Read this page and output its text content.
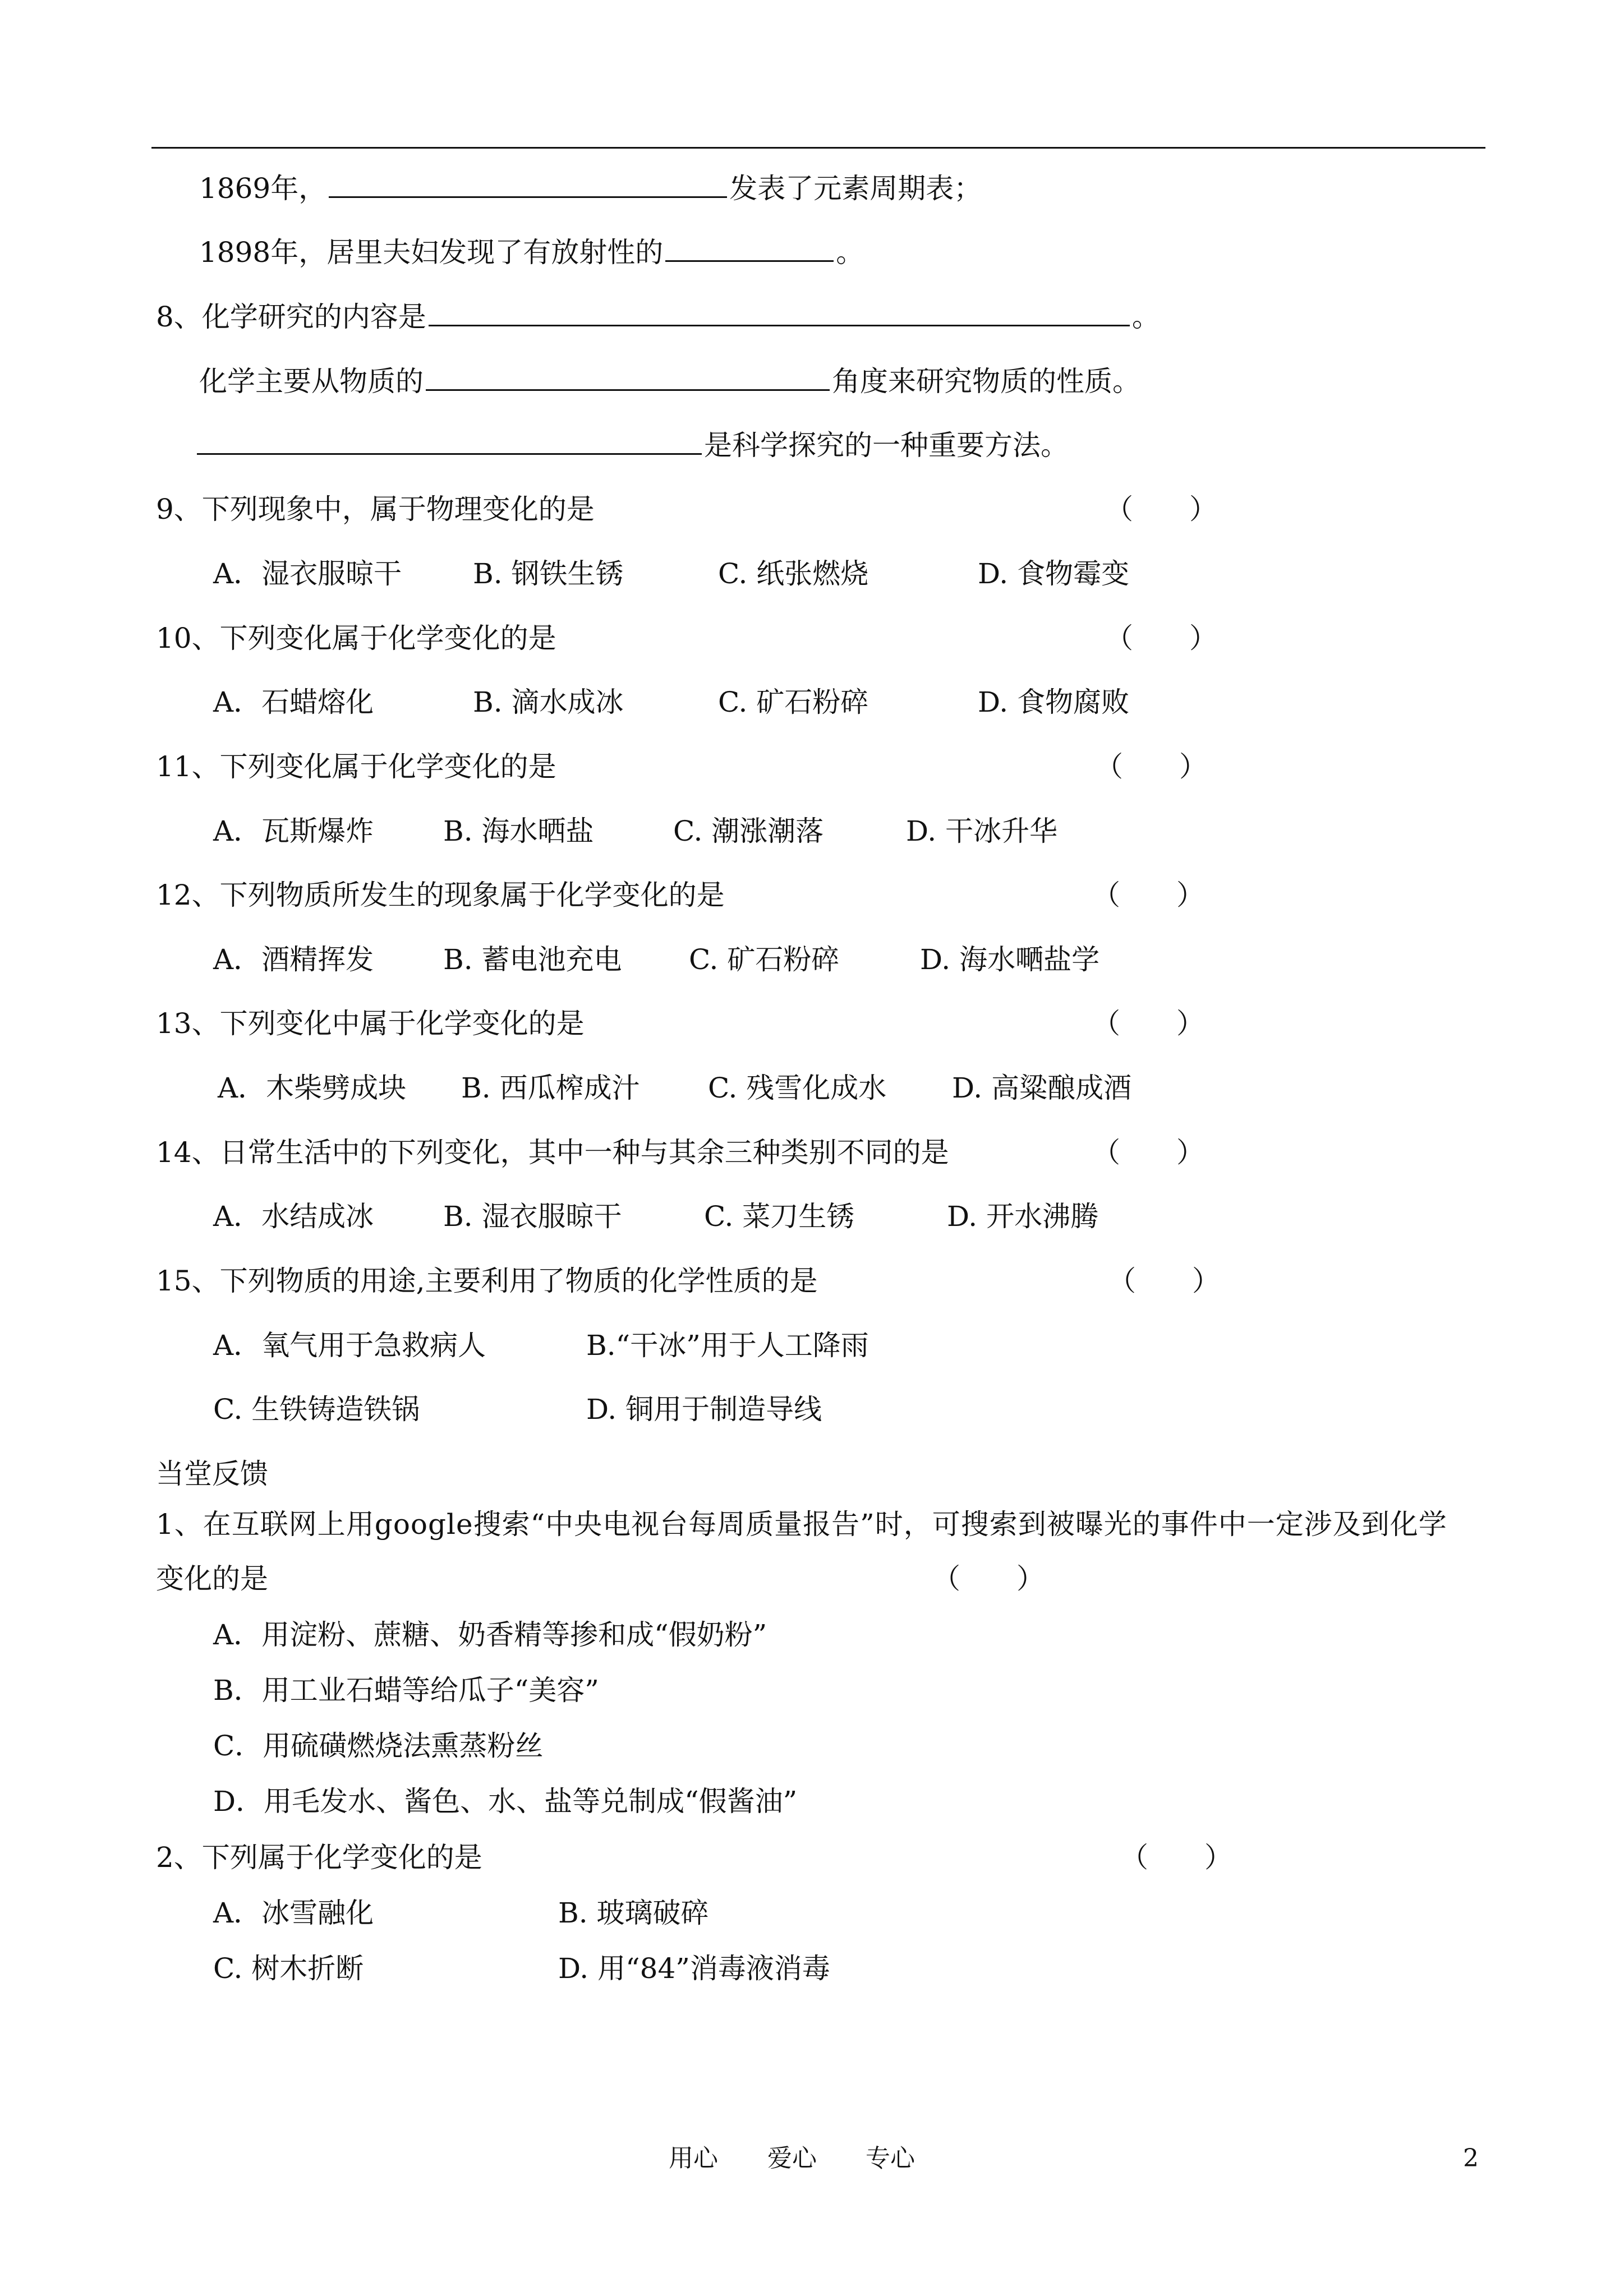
1869年，	发表了元素周期表；
1898年，居里夫妇发现了有放射性的	。
8、化学研究的内容是	。
化学主要从物质的	角度来研究物质的性质。
是科学探究的一种重要方法。
9、下列现象中，属于物理变化的是	（　　）
A．湿衣服晾干	B. 钢铁生锈	C. 纸张燃烧	D. 食物霉变
10、下列变化属于化学变化的是	（　　）
A．石蜡熔化	B. 滴水成冰	C. 矿石粉碎	D. 食物腐败
11、下列变化属于化学变化的是	（　　）
A．瓦斯爆炸 B. 海水晒盐	C. 潮涨潮落	D. 干冰升华
12、下列物质所发生的现象属于化学变化的是	（　　）
A．酒精挥发 B. 蓄电池充电 C. 矿石粉碎	D. 海水嗮盐学
13、下列变化中属于化学变化的是	（　　）
A．木柴劈成块 B. 西瓜榨成汁 C. 残雪化成水 D. 高粱酿成酒
14、日常生活中的下列变化，其中一种与其余三种类别不同的是	（　　）
A．水结成冰 B. 湿衣服晾干	C. 菜刀生锈	D. 开水沸腾
15、下列物质的用途,主要利用了物质的化学性质的是	（　　）
A．氧气用于急救病人	B.“干冰”用于人工降雨
C. 生铁铸造铁锅	D. 铜用于制造导线
当堂反馈
1、在互联网上用google搜索“中央电视台每周质量报告”时，可搜索到被曝光的事件中一定涉及到化学
变化的是	（　　）
A．用淀粉、蔗糖、奶香精等掺和成“假奶粉”
B．用工业石蜡等给瓜子“美容”
C．用硫磺燃烧法熏蒸粉丝
D．用毛发水、酱色、水、盐等兑制成“假酱油”
2、下列属于化学变化的是	（　　）
A．冰雪融化	B. 玻璃破碎
C. 树木折断	D. 用“84”消毒液消毒
用心 爱心 专心	2
